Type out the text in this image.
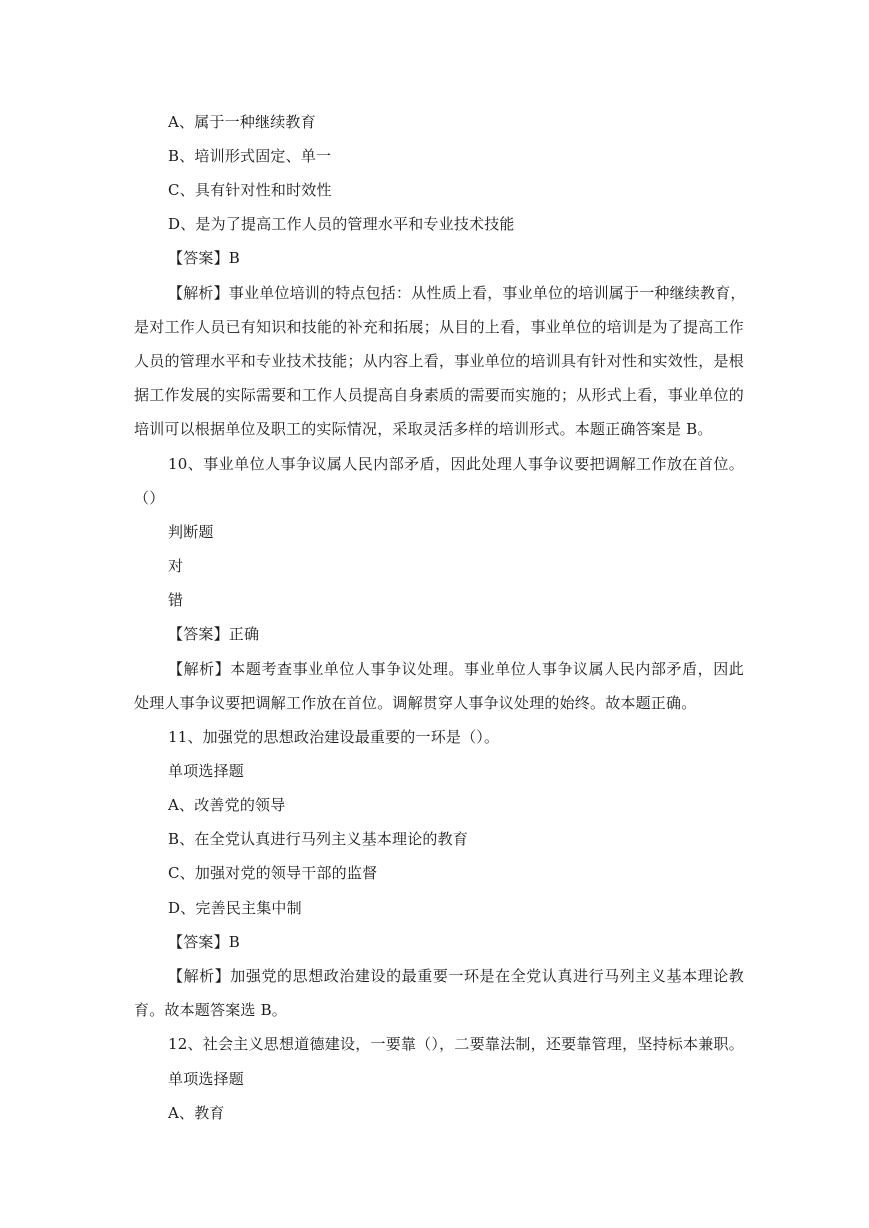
A、属于一种继续教育
B、培训形式固定、单一
C、具有针对性和时效性
D、是为了提高工作人员的管理水平和专业技术技能
【答案】B
【解析】事业单位培训的特点包括：从性质上看，事业单位的培训属于一种继续教育，
是对工作人员已有知识和技能的补充和拓展；从目的上看，事业单位的培训是为了提高工作
人员的管理水平和专业技术技能；从内容上看，事业单位的培训具有针对性和实效性，是根
据工作发展的实际需要和工作人员提高自身素质的需要而实施的；从形式上看，事业单位的
培训可以根据单位及职工的实际情况，采取灵活多样的培训形式。本题正确答案是 B。
10、事业单位人事争议属人民内部矛盾，因此处理人事争议要把调解工作放在首位。
（）
判断题
对
错
【答案】正确
【解析】本题考查事业单位人事争议处理。事业单位人事争议属人民内部矛盾，因此
处理人事争议要把调解工作放在首位。调解贯穿人事争议处理的始终。故本题正确。
11、加强党的思想政治建设最重要的一环是（）。
单项选择题
A、改善党的领导
B、在全党认真进行马列主义基本理论的教育
C、加强对党的领导干部的监督
D、完善民主集中制
【答案】B
【解析】加强党的思想政治建设的最重要一环是在全党认真进行马列主义基本理论教
育。故本题答案选 B。
12、社会主义思想道德建设，一要靠（），二要靠法制，还要靠管理，坚持标本兼职。
单项选择题
A、教育
